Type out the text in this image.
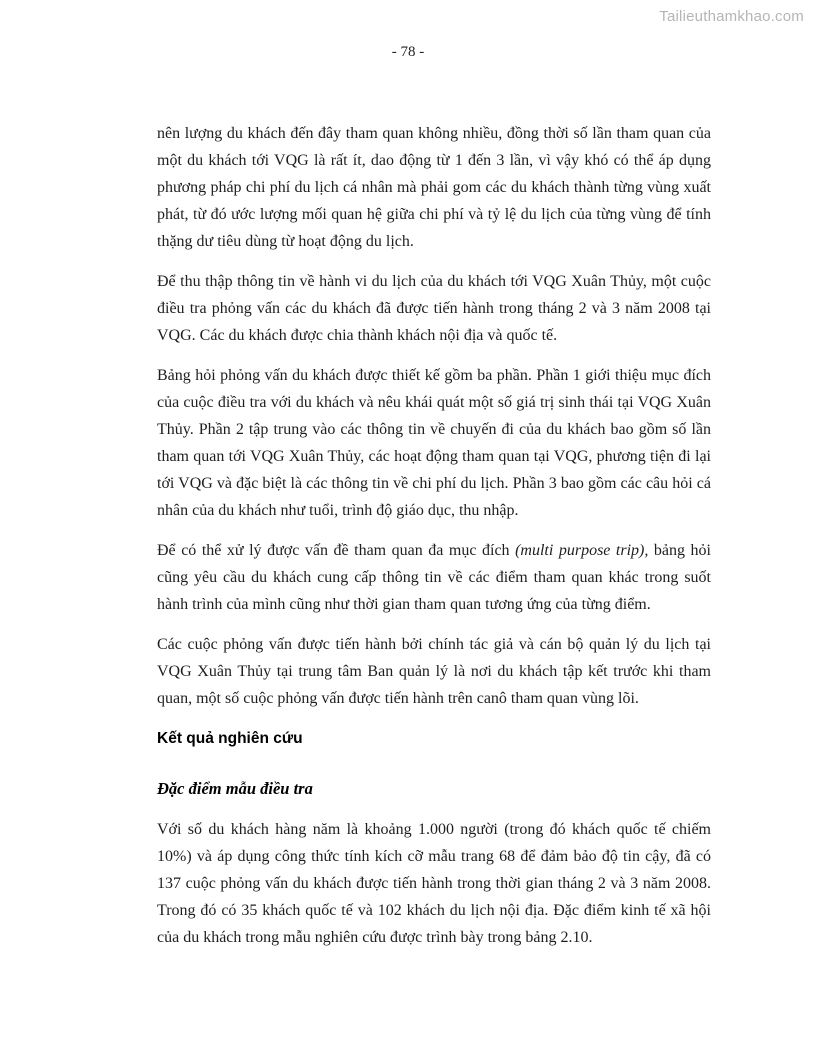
Tailieuthamkhao.com
- 78 -

nên lượng du khách đến đây tham quan không nhiều, đồng thời số lần tham quan của một du khách tới VQG là rất ít, dao động từ 1 đến 3 lần, vì vậy khó có thể áp dụng phương pháp chi phí du lịch cá nhân mà phải gom các du khách thành từng vùng xuất phát, từ đó ước lượng mối quan hệ giữa chi phí và tỷ lệ du lịch của từng vùng để tính thặng dư tiêu dùng từ hoạt động du lịch.

Để thu thập thông tin về hành vi du lịch của du khách tới VQG Xuân Thủy, một cuộc điều tra phỏng vấn các du khách đã được tiến hành trong tháng 2 và 3 năm 2008 tại VQG. Các du khách được chia thành khách nội địa và quốc tế.

Bảng hỏi phỏng vấn du khách được thiết kế gồm ba phần. Phần 1 giới thiệu mục đích của cuộc điều tra với du khách và nêu khái quát một số giá trị sinh thái tại VQG Xuân Thủy. Phần 2 tập trung vào các thông tin về chuyến đi của du khách bao gồm số lần tham quan tới VQG Xuân Thủy, các hoạt động tham quan tại VQG, phương tiện đi lại tới VQG và đặc biệt là các thông tin về chi phí du lịch. Phần 3 bao gồm các câu hỏi cá nhân của du khách như tuổi, trình độ giáo dục, thu nhập.

Để có thể xử lý được vấn đề tham quan đa mục đích (multi purpose trip), bảng hỏi cũng yêu cầu du khách cung cấp thông tin về các điểm tham quan khác trong suốt hành trình của mình cũng như thời gian tham quan tương ứng của từng điểm.

Các cuộc phỏng vấn được tiến hành bởi chính tác giả và cán bộ quản lý du lịch tại VQG Xuân Thủy tại trung tâm Ban quản lý là nơi du khách tập kết trước khi tham quan, một số cuộc phỏng vấn được tiến hành trên canô tham quan vùng lõi.

Kết quả nghiên cứu
Đặc điểm mẫu điều tra

Với số du khách hàng năm là khoảng 1.000 người (trong đó khách quốc tế chiếm 10%) và áp dụng công thức tính kích cỡ mẫu trang 68 để đảm bảo độ tin cậy, đã có 137 cuộc phỏng vấn du khách được tiến hành trong thời gian tháng 2 và 3 năm 2008. Trong đó có 35 khách quốc tế và 102 khách du lịch nội địa. Đặc điểm kinh tế xã hội của du khách trong mẫu nghiên cứu được trình bày trong bảng 2.10.
